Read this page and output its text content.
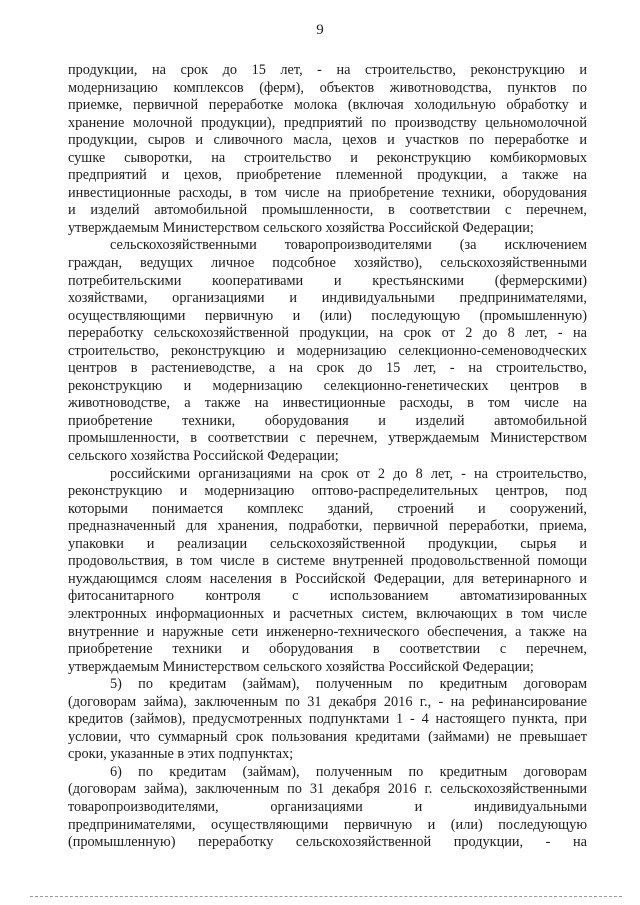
9
продукции, на срок до 15 лет, - на строительство, реконструкцию и
модернизацию комплексов (ферм), объектов животноводства, пунктов по
приемке, первичной переработке молока (включая холодильную обработку и
хранение молочной продукции), предприятий по производству цельномолочной
продукции, сыров и сливочного масла, цехов и участков по переработке и
сушке сыворотки, на строительство и реконструкцию комбикормовых
предприятий и цехов, приобретение племенной продукции, а также на
инвестиционные расходы, в том числе на приобретение техники, оборудования
и изделий автомобильной промышленности, в соответствии с перечнем,
утверждаемым Министерством сельского хозяйства Российской Федерации;
сельскохозяйственными товаропроизводителями (за исключением
граждан, ведущих личное подсобное хозяйство), сельскохозяйственными
потребительскими кооперативами и крестьянскими (фермерскими)
хозяйствами, организациями и индивидуальными предпринимателями,
осуществляющими первичную и (или) последующую (промышленную)
переработку сельскохозяйственной продукции, на срок от 2 до 8 лет, - на
строительство, реконструкцию и модернизацию селекционно-семеноводческих
центров в растениеводстве, а на срок до 15 лет, - на строительство,
реконструкцию и модернизацию селекционно-генетических центров в
животноводстве, а также на инвестиционные расходы, в том числе на
приобретение техники, оборудования и изделий автомобильной
промышленности, в соответствии с перечнем, утверждаемым Министерством
сельского хозяйства Российской Федерации;
российскими организациями на срок от 2 до 8 лет, - на строительство,
реконструкцию и модернизацию оптово-распределительных центров, под
которыми понимается комплекс зданий, строений и сооружений,
предназначенный для хранения, подработки, первичной переработки, приема,
упаковки и реализации сельскохозяйственной продукции, сырья и
продовольствия, в том числе в системе внутренней продовольственной помощи
нуждающимся слоям населения в Российской Федерации, для ветеринарного и
фитосанитарного контроля с использованием автоматизированных
электронных информационных и расчетных систем, включающих в том числе
внутренние и наружные сети инженерно-технического обеспечения, а также на
приобретение техники и оборудования в соответствии с перечнем,
утверждаемым Министерством сельского хозяйства Российской Федерации;
5) по кредитам (займам), полученным по кредитным договорам
(договорам займа), заключенным по 31 декабря 2016 г., - на рефинансирование
кредитов (займов), предусмотренных подпунктами 1 - 4 настоящего пункта, при
условии, что суммарный срок пользования кредитами (займами) не превышает
сроки, указанные в этих подпунктах;
6) по кредитам (займам), полученным по кредитным договорам
(договорам займа), заключенным по 31 декабря 2016 г. сельскохозяйственными
товаропроизводителями, организациями и индивидуальными
предпринимателями, осуществляющими первичную и (или) последующую
(промышленную) переработку сельскохозяйственной продукции, - на
